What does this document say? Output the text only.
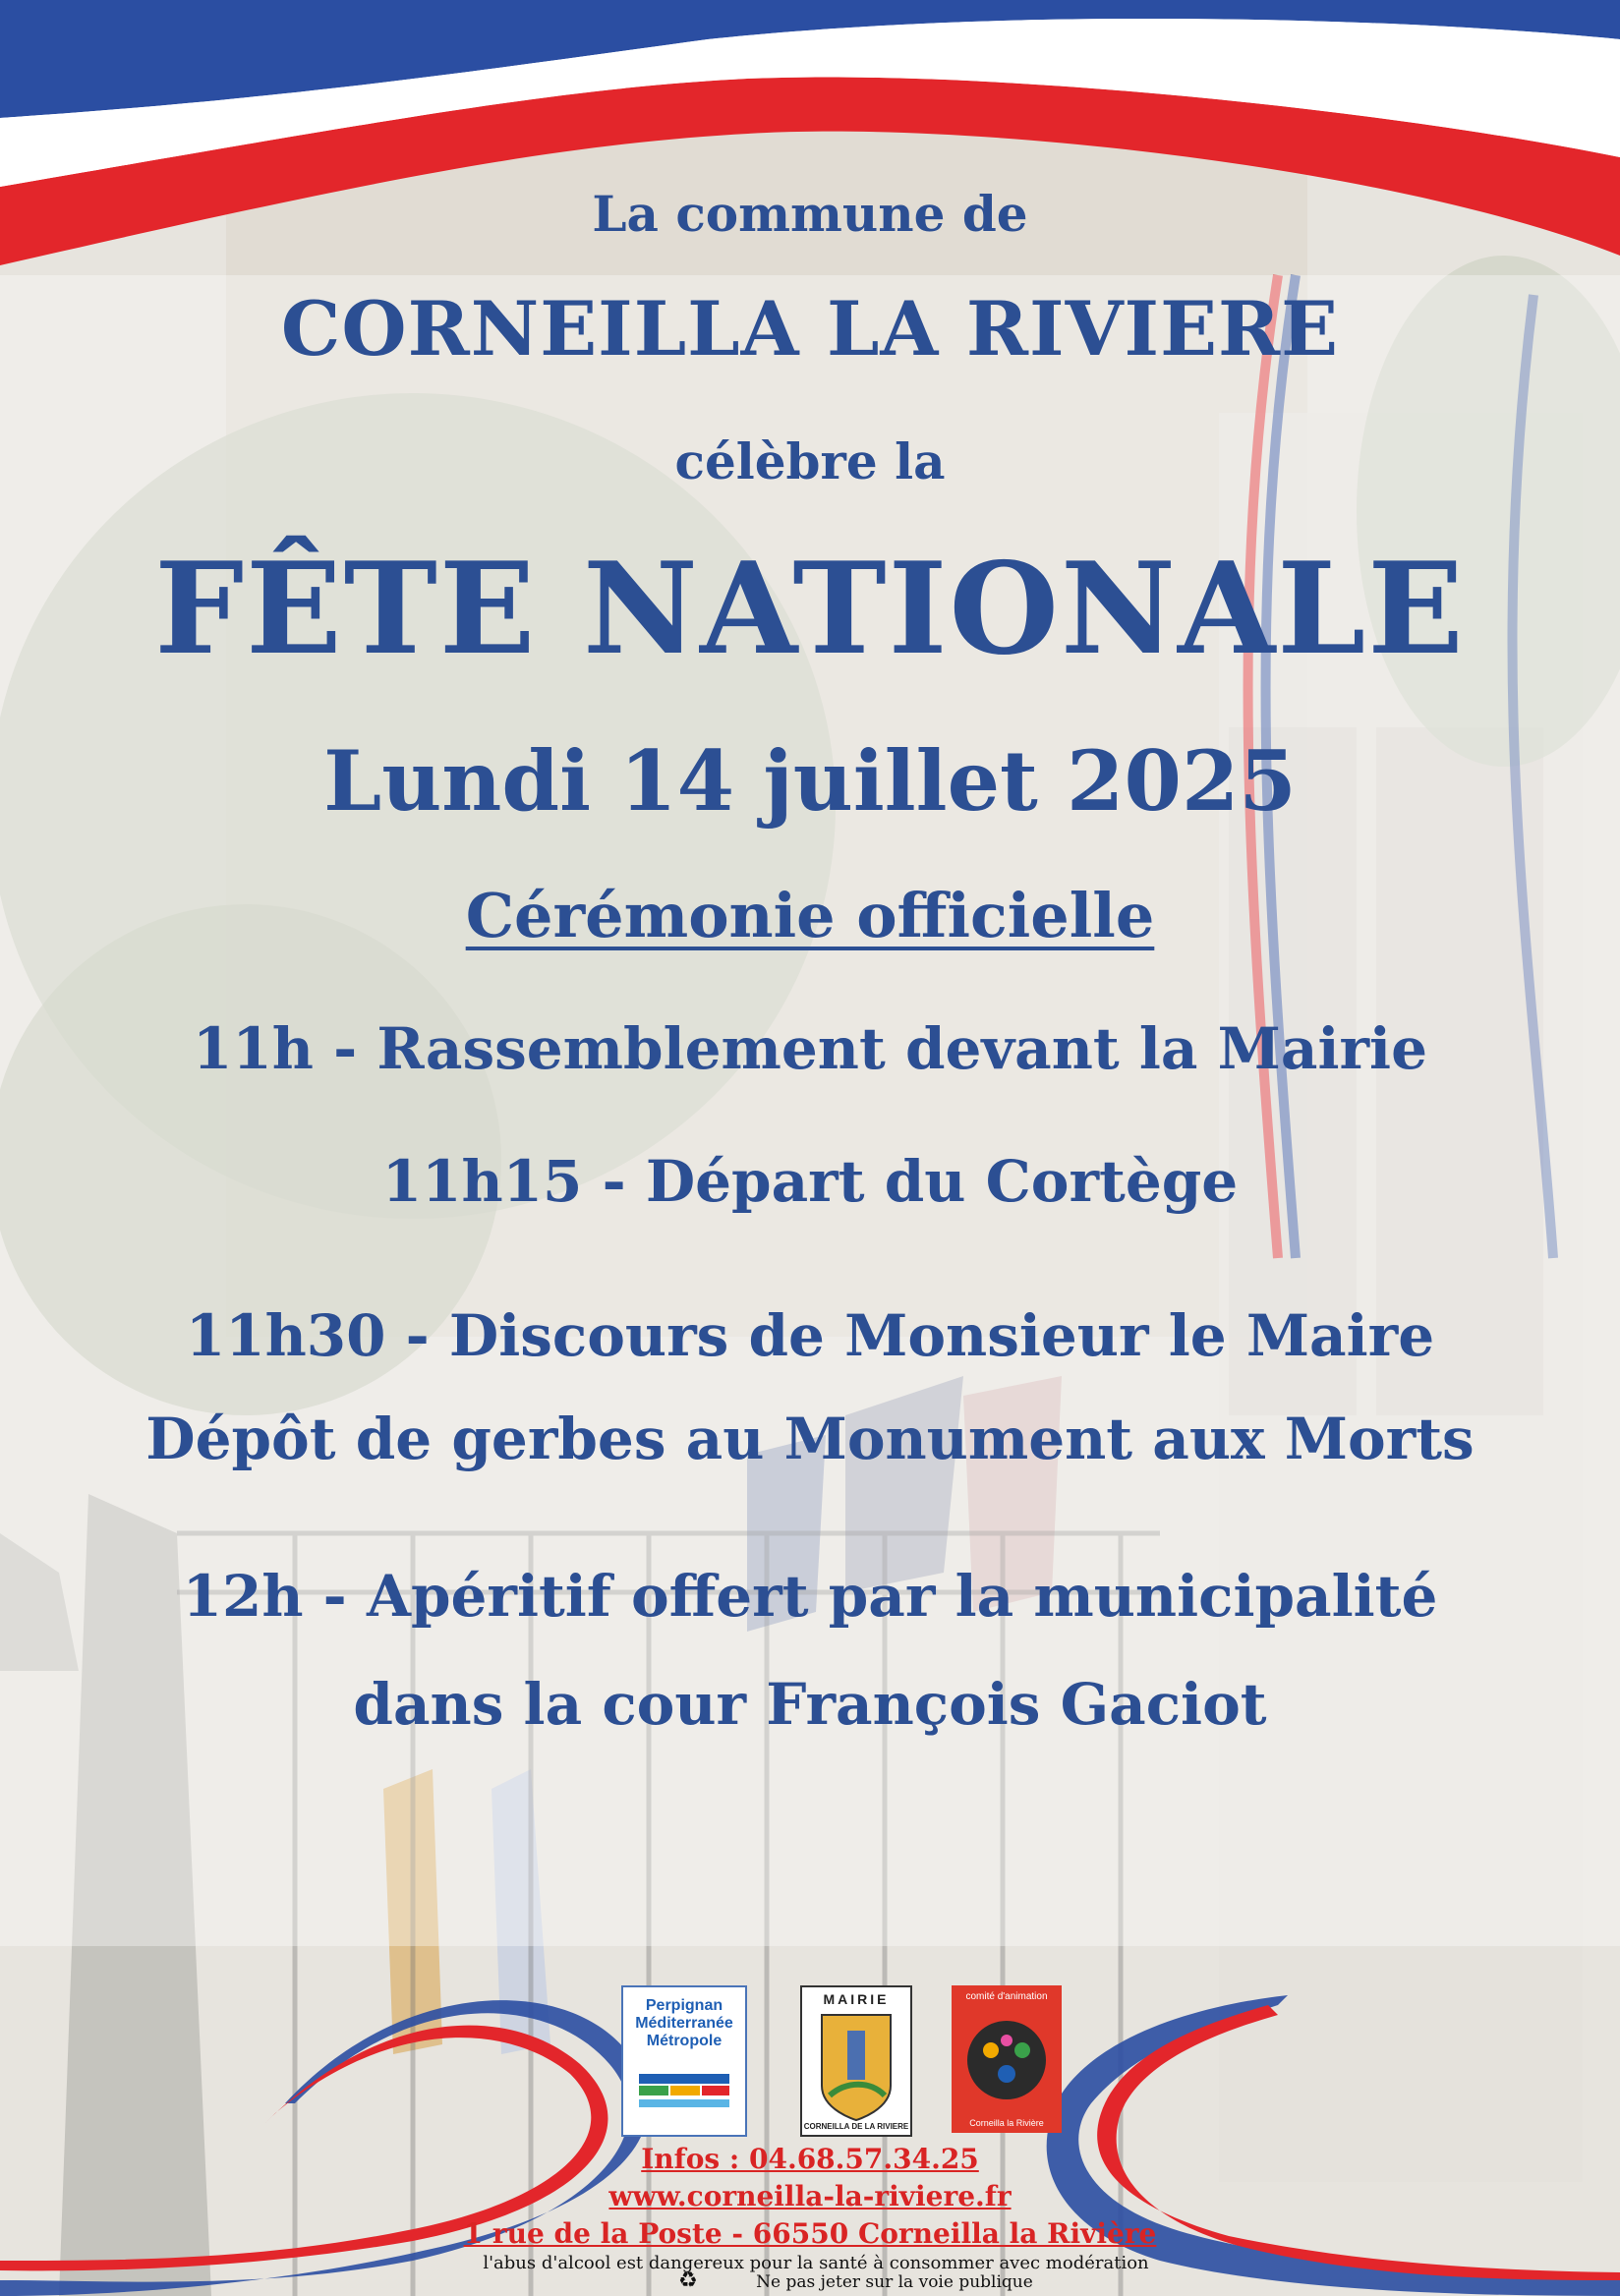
La commune de
CORNEILLA LA RIVIERE
célèbre la
FÊTE NATIONALE
Lundi 14 juillet 2025
Cérémonie officielle
11h - Rassemblement devant la Mairie
11h15 - Départ du Cortège
11h30 - Discours de Monsieur le Maire
Dépôt de gerbes au Monument aux Morts
12h - Apéritif offert par la municipalité
dans la cour François Gaciot
Perpignan
Méditerranée
Métropole
MAIRIE
CORNEILLA DE LA RIVIERE
comité d'animation
Corneilla la Rivière
Infos : 04.68.57.34.25
www.corneilla-la-riviere.fr
1 rue de la Poste - 66550 Corneilla la Rivière
l'abus d'alcool est dangereux pour la santé à consommer avec modération
Ne pas jeter sur la voie publique
♻
